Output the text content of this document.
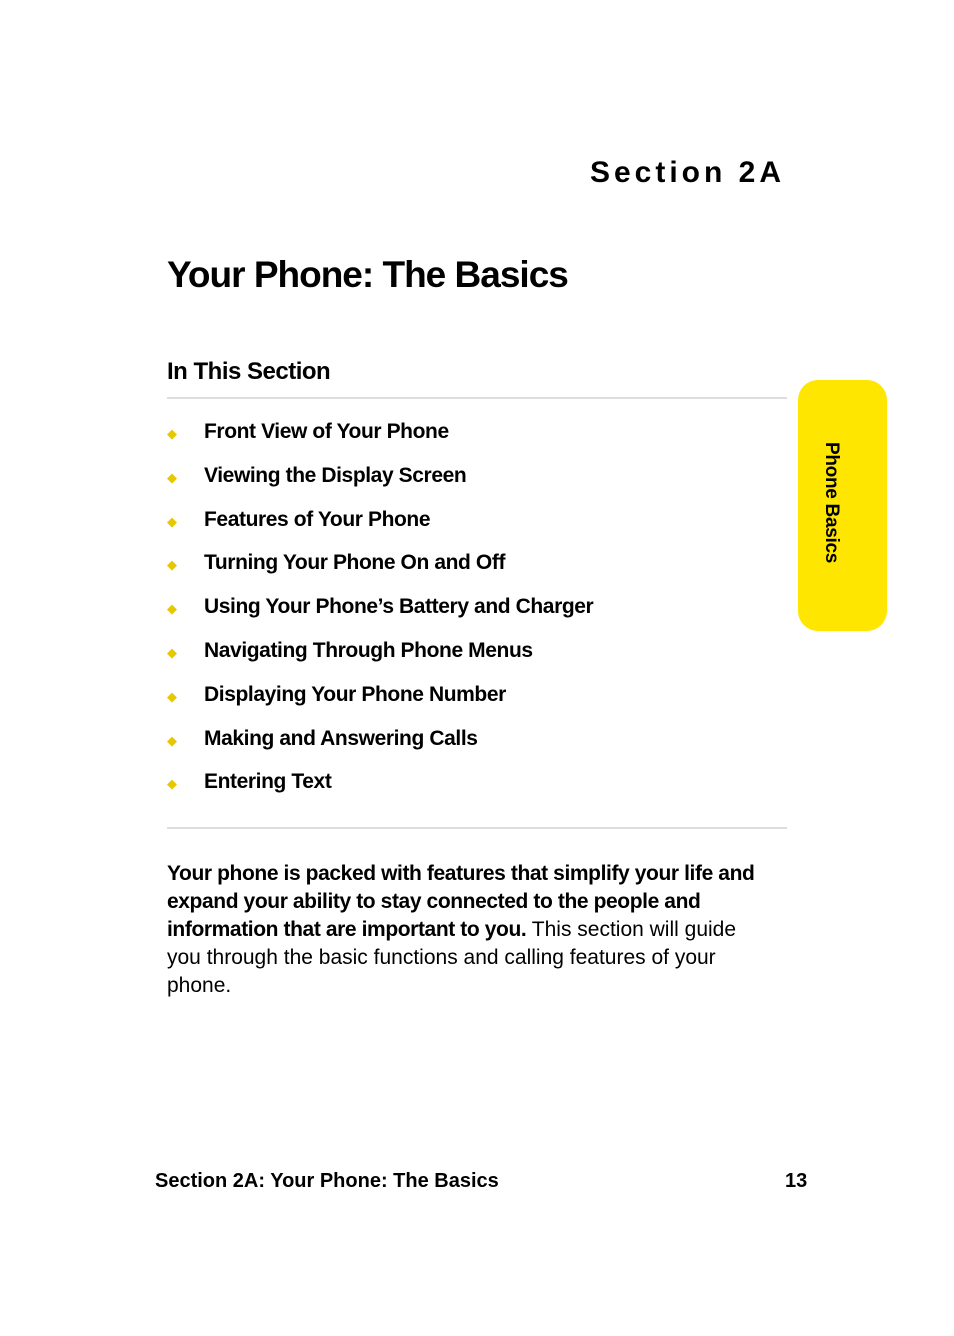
Section 2A
Your Phone: The Basics
In This Section
◆	Front View of Your Phone
◆	Viewing the Display Screen
◆	Features of Your Phone
◆	Turning Your Phone On and Off
◆	Using Your Phone’s Battery and Charger
◆	Navigating Through Phone Menus
◆	Displaying Your Phone Number
◆	Making and Answering Calls
◆	Entering Text

Your phone is packed with features that simplify your life and expand your ability to stay connected to the people and information that are important to you. This section will guide you through the basic functions and calling features of your phone.

Phone Basics
Section 2A: Your Phone: The Basics	13
